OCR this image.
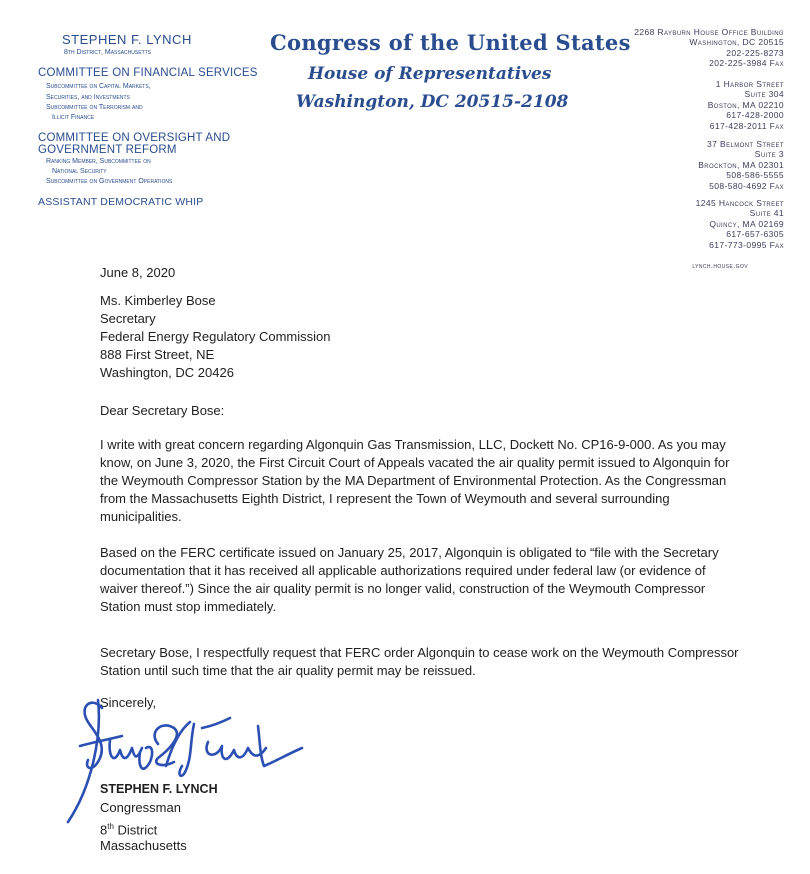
STEPHEN F. LYNCH
8th District, Massachusetts
COMMITTEE ON FINANCIAL SERVICES
Subcommittee on Capital Markets,
Securities, and Investments
Subcommittee on Terrorism and
Illicit Finance
COMMITTEE ON OVERSIGHT AND
GOVERNMENT REFORM
Ranking Member, Subcommittee on
National Security
Subcommittee on Government Operations
ASSISTANT DEMOCRATIC WHIP
Congress of the United States
House of Representatives
Washington, DC 20515-2108
2268 Rayburn House Office Building
Washington, DC 20515
202-225-8273
202-225-3984 Fax
1 Harbor Street
Suite 304
Boston, MA 02210
617-428-2000
617-428-2011 Fax
37 Belmont Street
Suite 3
Brockton, MA 02301
508-586-5555
508-580-4692 Fax
1245 Hancock Street
Suite 41
Quincy, MA 02169
617-657-6305
617-773-0995 Fax
lynch.house.gov
June 8, 2020
Ms. Kimberley Bose
Secretary
Federal Energy Regulatory Commission
888 First Street, NE
Washington, DC 20426
Dear Secretary Bose:
I write with great concern regarding Algonquin Gas Transmission, LLC, Dockett No. CP16-9-000. As you may know, on June 3, 2020, the First Circuit Court of Appeals vacated the air quality permit issued to Algonquin for the Weymouth Compressor Station by the MA Department of Environmental Protection. As the Congressman from the Massachusetts Eighth District, I represent the Town of Weymouth and several surrounding municipalities.
Based on the FERC certificate issued on January 25, 2017, Algonquin is obligated to “file with the Secretary documentation that it has received all applicable authorizations required under federal law (or evidence of waiver thereof.”) Since the air quality permit is no longer valid, construction of the Weymouth Compressor Station must stop immediately.
Secretary Bose, I respectfully request that FERC order Algonquin to cease work on the Weymouth Compressor Station until such time that the air quality permit may be reissued.
Sincerely,
STEPHEN F. LYNCH
Congressman
8th District
Massachusetts
